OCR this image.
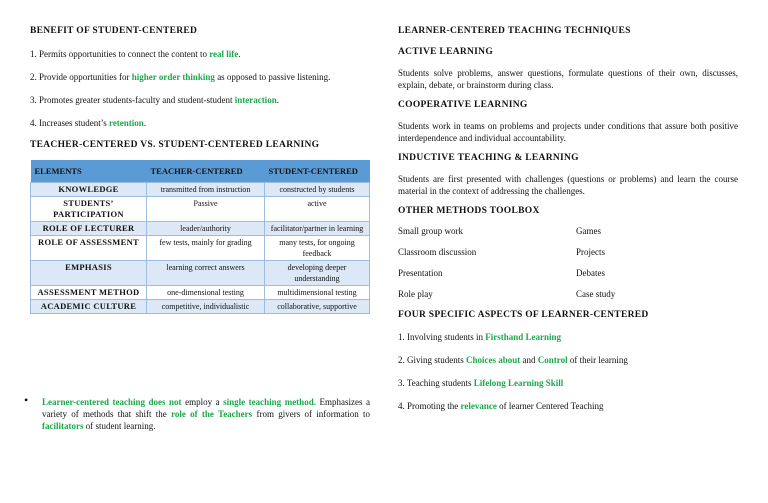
BENEFIT OF STUDENT-CENTERED

1. Permits opportunities to connect the content to real life.

2. Provide opportunities for higher order thinking as opposed to passive listening.

3. Promotes greater students-faculty and student-student interaction.

4. Increases student’s retention.

TEACHER-CENTERED VS. STUDENT-CENTERED LEARNING

ELEMENTS	TEACHER-CENTERED	STUDENT-CENTERED
KNOWLEDGE	transmitted from instruction	constructed by students
STUDENTS’ PARTICIPATION	Passive	active
ROLE OF LECTURER	leader/authority	facilitator/partner in learning
ROLE OF ASSESSMENT	few tests, mainly for grading	many tests, for ongoing feedback
EMPHASIS	learning correct answers	developing deeper understanding
ASSESSMENT METHOD	one-dimensional testing	multidimensional testing
ACADEMIC CULTURE	competitive, individualistic	collaborative, supportive
• Learner-centered teaching does not employ a single teaching method. Emphasizes a variety of methods that shift the role of the Teachers from givers of information to facilitators of student learning.

LEARNER-CENTERED TEACHING TECHNIQUES

ACTIVE LEARNING

Students solve problems, answer questions, formulate questions of their own, discusses, explain, debate, or brainstorm during class.

COOPERATIVE LEARNING

Students work in teams on problems and projects under conditions that assure both positive interdependence and individual accountability.

INDUCTIVE TEACHING & LEARNING

Students are first presented with challenges (questions or problems) and learn the course material in the context of addressing the challenges.

OTHER METHODS TOOLBOX

Small group work	Games
Classroom discussion	Projects
Presentation	Debates
Role play	Case study

FOUR SPECIFIC ASPECTS OF LEARNER-CENTERED

1. Involving students in Firsthand Learning

2. Giving students Choices about and Control of their learning

3. Teaching students Lifelong Learning Skill

4. Promoting the relevance of learner Centered Teaching
